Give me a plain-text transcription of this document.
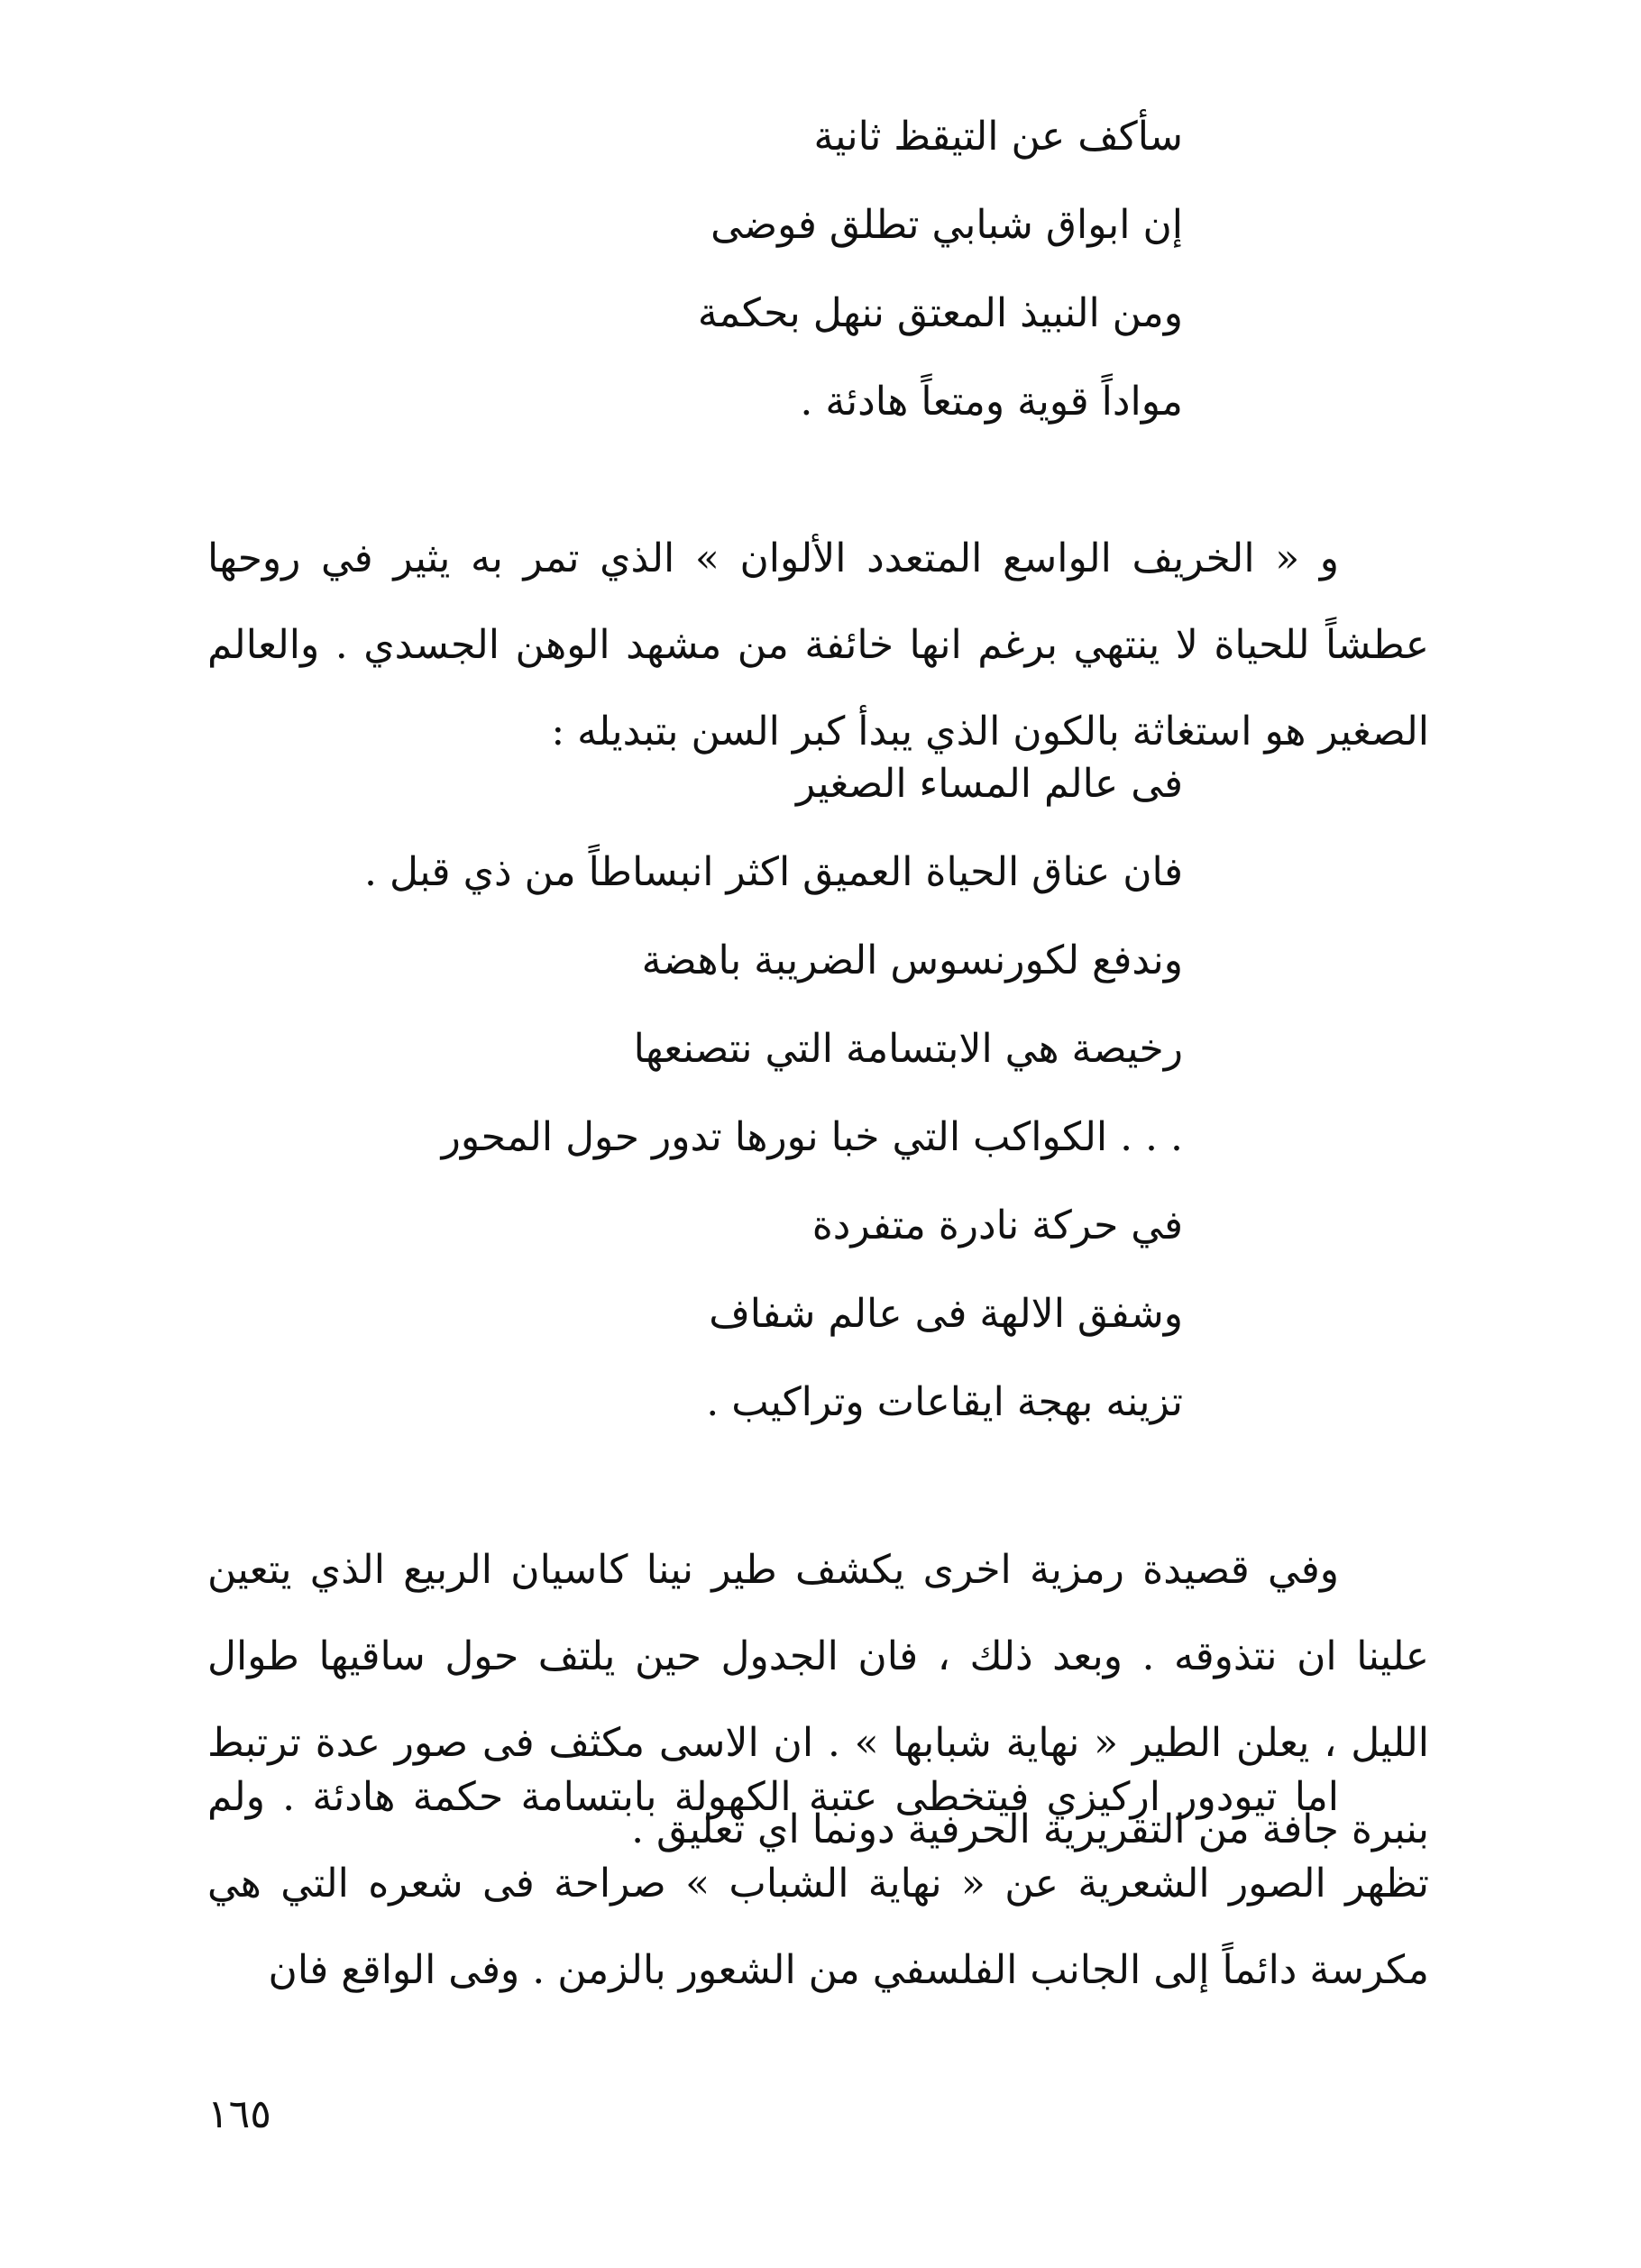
سأكف عن التيقظ ثانية
إن ابواق شبابي تطلق فوضى
ومن النبيذ المعتق ننهل بحكمة
مواداً قوية ومتعاً هادئة .

و « الخريف الواسع المتعدد الألوان » الذي تمر به يثير في روحها عطشاً للحياة لا ينتهي برغم انها خائفة من مشهد الوهن الجسدي . والعالم الصغير هو استغاثة بالكون الذي يبدأ كبر السن بتبديله :

فى عالم المساء الصغير
فان عناق الحياة العميق اكثر انبساطاً من ذي قبل .
وندفع لكورنسوس الضريبة باهضة
رخيصة هي الابتسامة التي نتصنعها
. . . الكواكب التي خبا نورها تدور حول المحور
في حركة نادرة متفردة
وشفق الالهة فى عالم شفاف
تزينه بهجة ايقاعات وتراكيب .

وفي قصيدة رمزية اخرى يكشف طير نينا كاسيان الربيع الذي يتعين علينا ان نتذوقه . وبعد ذلك ، فان الجدول حين يلتف حول ساقيها طوال الليل ، يعلن الطير « نهاية شبابها » . ان الاسى مكثف فى صور عدة ترتبط بنبرة جافة من التقريرية الحرفية دونما اي تعليق .

اما تيودور اركيزي فيتخطى عتبة الكهولة بابتسامة حكمة هادئة . ولم تظهر الصور الشعرية عن « نهاية الشباب » صراحة فى شعره التي هي مكرسة دائماً إلى الجانب الفلسفي من الشعور بالزمن . وفى الواقع فان

١٦٥
